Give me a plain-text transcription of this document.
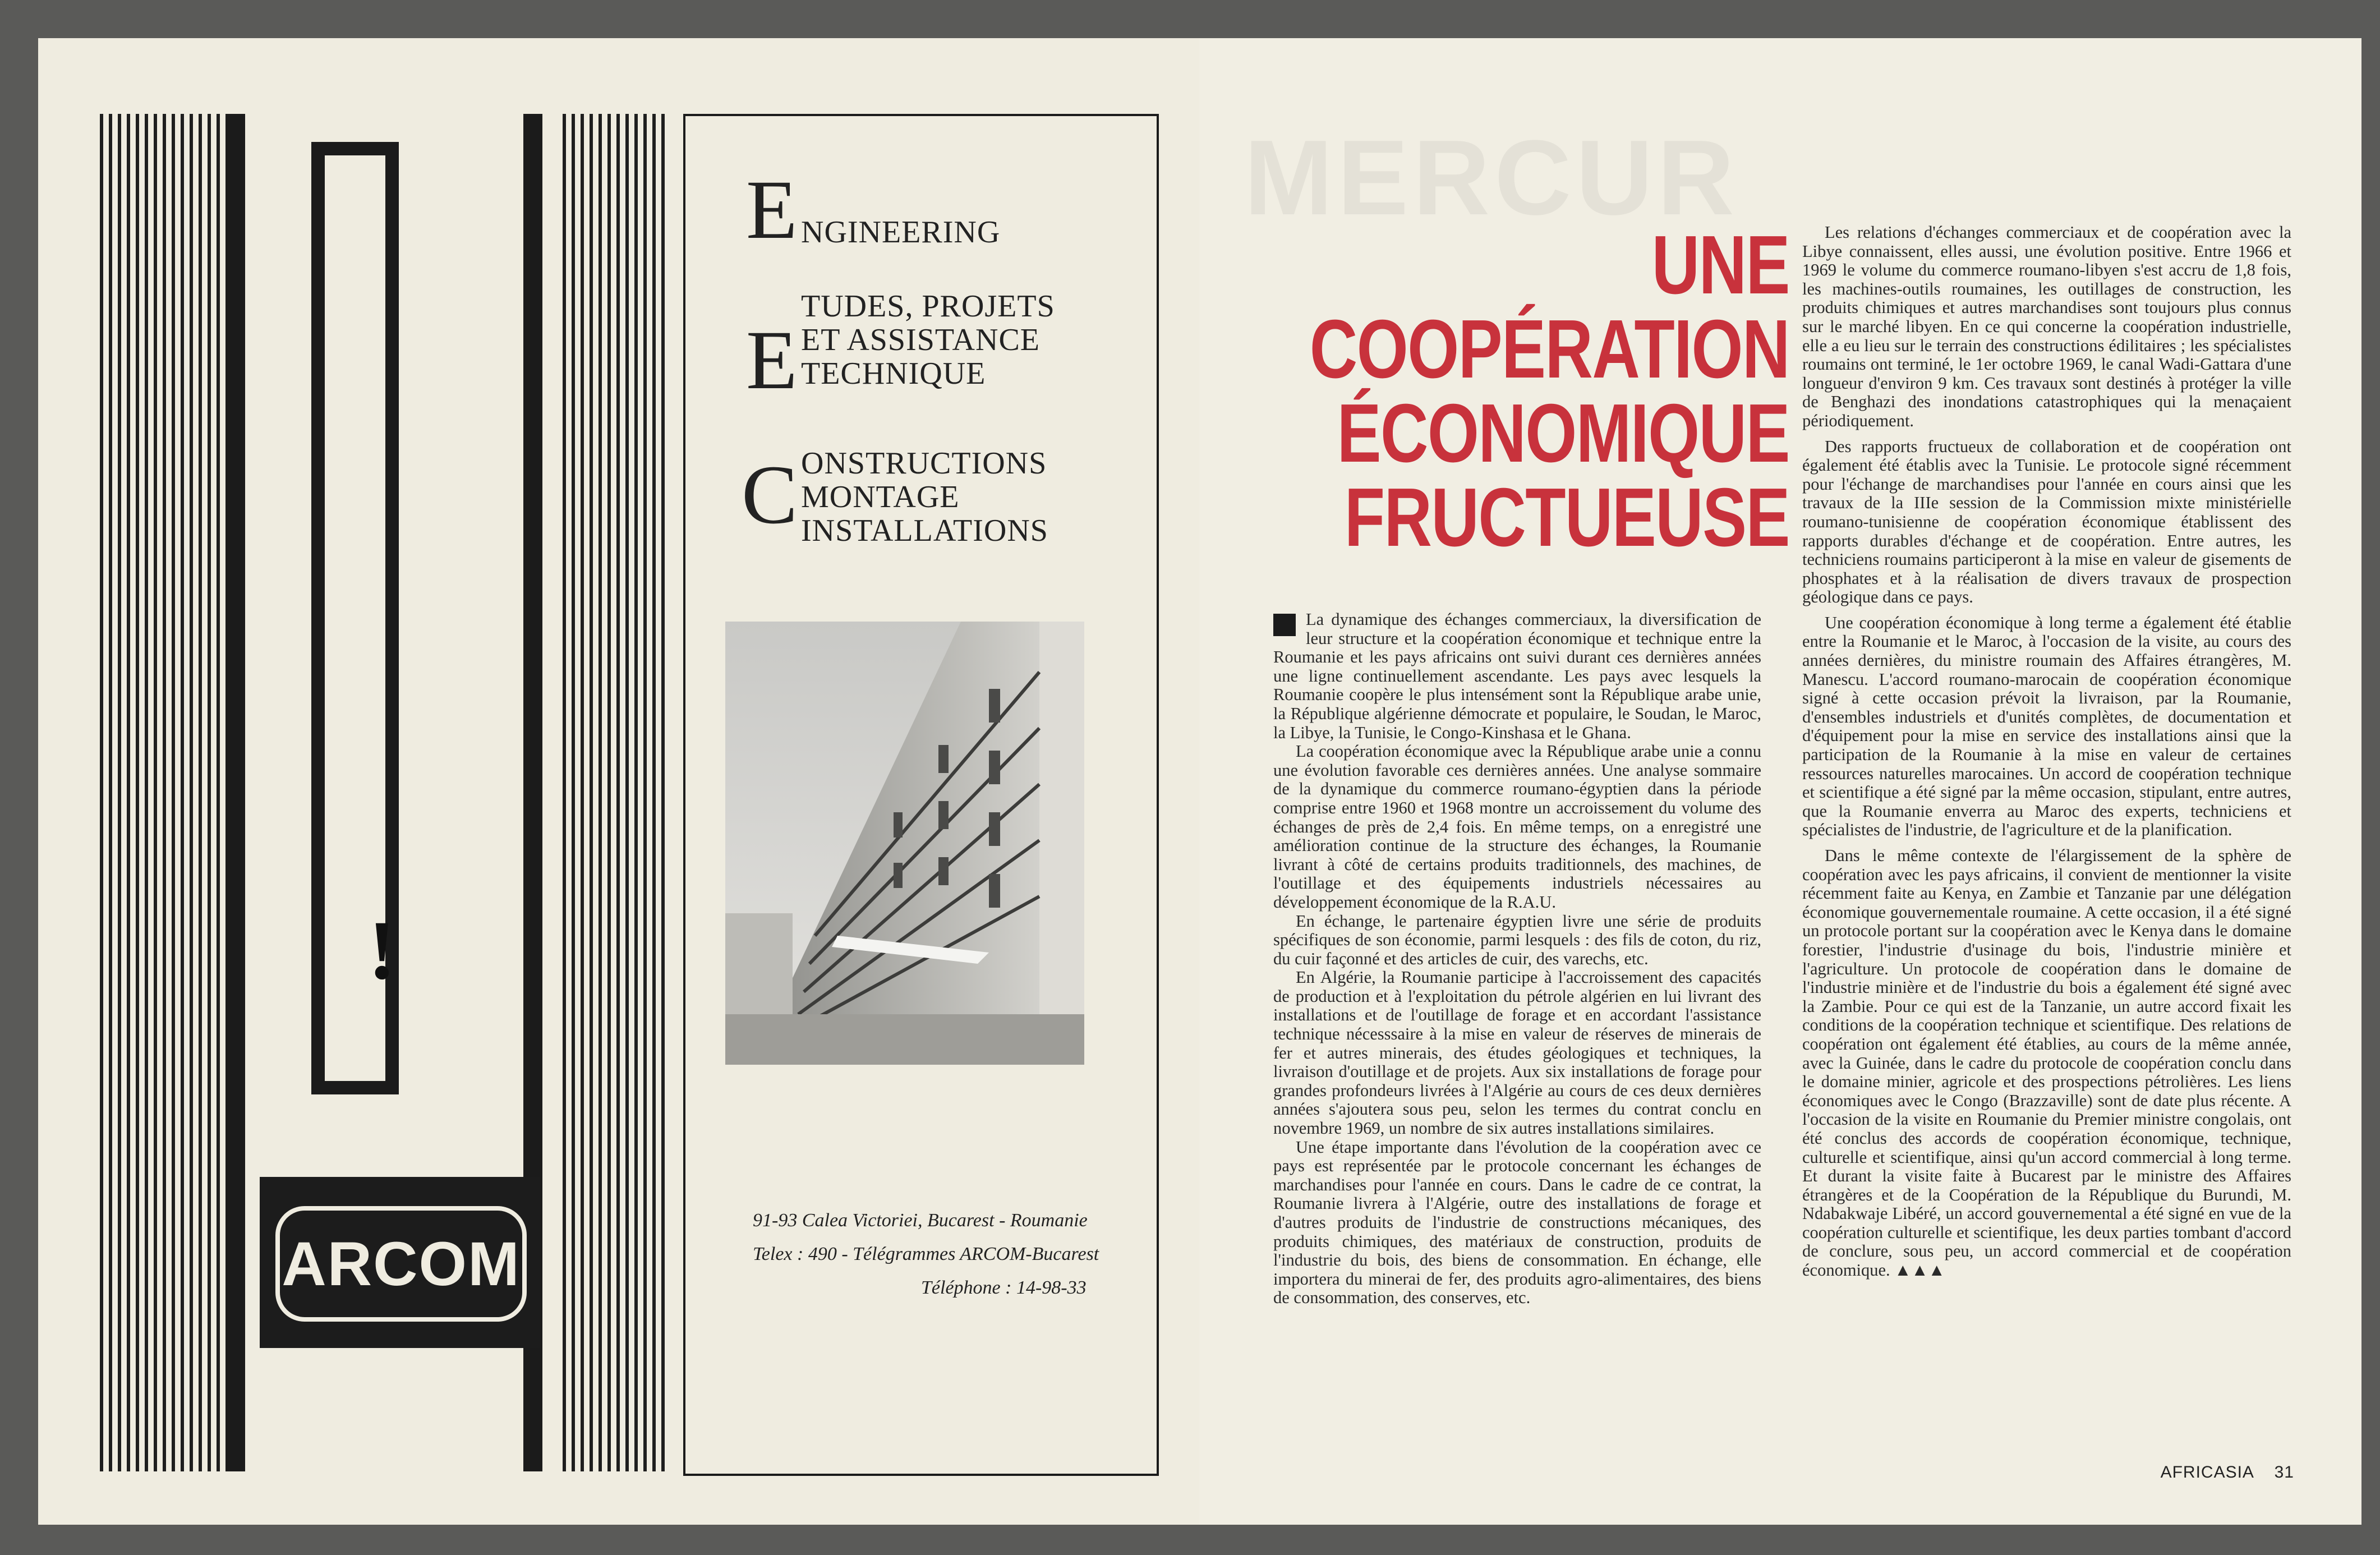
!
ARCOM
E NGINEERING
E
TUDES, PROJETS
ET ASSISTANCE
TECHNIQUE
C ONSTRUCTIONS
MONTAGE
INSTALLATIONS
91-93 Calea Victoriei, Bucarest - Roumanie
Telex : 490 - Télégrammes ARCOM-Bucarest
Téléphone : 14-98-33
MERCUR
UNE
COOPÉRATION
ÉCONOMIQUE
FRUCTUEUSE

La dynamique des échanges commerciaux, la diversification de leur structure et la coopération économique et technique entre la Roumanie et les pays africains ont suivi durant ces dernières années une ligne continuellement ascendante. Les pays avec lesquels la Roumanie coopère le plus intensément sont la République arabe unie, la République algérienne démocrate et populaire, le Soudan, le Maroc, la Libye, la Tunisie, le Congo-Kinshasa et le Ghana.

La coopération économique avec la République arabe unie a connu une évolution favorable ces dernières années. Une analyse sommaire de la dynamique du commerce roumano-égyptien dans la période comprise entre 1960 et 1968 montre un accroissement du volume des échanges de près de 2,4 fois. En même temps, on a enregistré une amélioration continue de la structure des échanges, la Roumanie livrant à côté de certains produits traditionnels, des machines, de l'outillage et des équipements industriels nécessaires au développement économique de la R.A.U.

En échange, le partenaire égyptien livre une série de produits spécifiques de son économie, parmi lesquels : des fils de coton, du riz, du cuir façonné et des articles de cuir, des varechs, etc.

En Algérie, la Roumanie participe à l'accroissement des capacités de production et à l'exploitation du pétrole algérien en lui livrant des installations et de l'outillage de forage et en accordant l'assistance technique nécesssaire à la mise en valeur de réserves de minerais de fer et autres minerais, des études géologiques et techniques, la livraison d'outillage et de projets. Aux six installations de forage pour grandes profondeurs livrées à l'Algérie au cours de ces deux dernières années s'ajoutera sous peu, selon les termes du contrat conclu en novembre 1969, un nombre de six autres installations similaires.

Une étape importante dans l'évolution de la coopération avec ce pays est représentée par le protocole concernant les échanges de marchandises pour l'année en cours. Dans le cadre de ce contrat, la Roumanie livrera à l'Algérie, outre des installations de forage et d'autres produits de l'industrie de constructions mécaniques, des produits chimiques, des matériaux de construction, produits de l'industrie du bois, des biens de consommation. En échange, elle importera du minerai de fer, des produits agro-alimentaires, des biens de consommation, des conserves, etc.

Les relations d'échanges commerciaux et de coopération avec la Libye connaissent, elles aussi, une évolution positive. Entre 1966 et 1969 le volume du commerce roumano-libyen s'est accru de 1,8 fois, les machines-outils roumaines, les outillages de construction, les produits chimiques et autres marchandises sont toujours plus connus sur le marché libyen. En ce qui concerne la coopération industrielle, elle a eu lieu sur le terrain des constructions édilitaires ; les spécialistes roumains ont terminé, le 1er octobre 1969, le canal Wadi-Gattara d'une longueur d'environ 9 km. Ces travaux sont destinés à protéger la ville de Benghazi des inondations catastrophiques qui la menaçaient périodiquement.

Des rapports fructueux de collaboration et de coopération ont également été établis avec la Tunisie. Le protocole signé récemment pour l'échange de marchandises pour l'année en cours ainsi que les travaux de la IIIe session de la Commission mixte ministérielle roumano-tunisienne de coopération économique établissent des rapports durables d'échange et de coopération. Entre autres, les techniciens roumains participeront à la mise en valeur de gisements de phosphates et à la réalisation de divers travaux de prospection géologique dans ce pays.

Une coopération économique à long terme a également été établie entre la Roumanie et le Maroc, à l'occasion de la visite, au cours des années dernières, du ministre roumain des Affaires étrangères, M. Manescu. L'accord roumano-marocain de coopération économique signé à cette occasion prévoit la livraison, par la Roumanie, d'ensembles industriels et d'unités complètes, de documentation et d'équipement pour la mise en service des installations ainsi que la participation de la Roumanie à la mise en valeur de certaines ressources naturelles marocaines. Un accord de coopération technique et scientifique a été signé par la même occasion, stipulant, entre autres, que la Roumanie enverra au Maroc des experts, techniciens et spécialistes de l'industrie, de l'agriculture et de la planification.

Dans le même contexte de l'élargissement de la sphère de coopération avec les pays africains, il convient de mentionner la visite récemment faite au Kenya, en Zambie et Tanzanie par une délégation économique gouvernementale roumaine. A cette occasion, il a été signé un protocole portant sur la coopération avec le Kenya dans le domaine forestier, l'industrie d'usinage du bois, l'industrie minière et l'agriculture. Un protocole de coopération dans le domaine de l'industrie minière et de l'industrie du bois a également été signé avec la Zambie. Pour ce qui est de la Tanzanie, un autre accord fixait les conditions de la coopération technique et scientifique. Des relations de coopération ont également été établies, au cours de la même année, avec la Guinée, dans le cadre du protocole de coopération conclu dans le domaine minier, agricole et des prospections pétrolières. Les liens économiques avec le Congo (Brazzaville) sont de date plus récente. A l'occasion de la visite en Roumanie du Premier ministre congolais, ont été conclus des accords de coopération économique, technique, culturelle et scientifique, ainsi qu'un accord commercial à long terme. Et durant la visite faite à Bucarest par le ministre des Affaires étrangères et de la Coopération de la République du Burundi, M. Ndabakwaje Libéré, un accord gouvernemental a été signé en vue de la coopération culturelle et scientifique, les deux parties tombant d'accord de conclure, sous peu, un accord commercial et de coopération économique. ▲▲▲

AFRICASIA 31
